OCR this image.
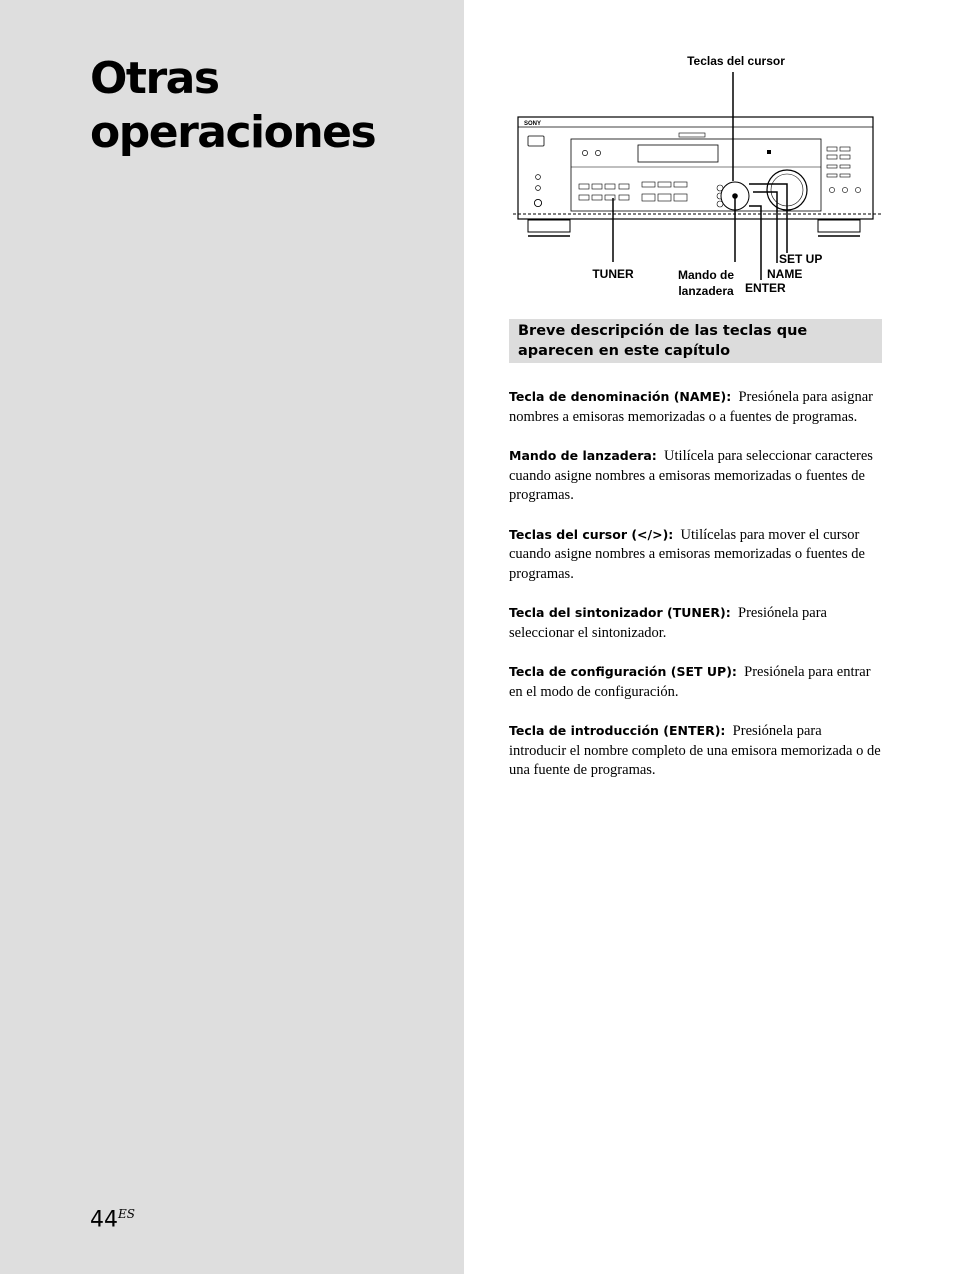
Otras
operaciones
$44^{ES}$
SONY
Teclas del cursor
TUNER	Mando de
lanzadera
SET UP
NAME
ENTER
Breve descripción de las teclas que
aparecen en este capítulo

Tecla de denominación (NAME): Presiónela para asignar nombres a emisoras memorizadas o a fuentes de programas.

Mando de lanzadera: Utilícela para seleccionar caracteres cuando asigne nombres a emisoras memorizadas o fuentes de programas.

Teclas del cursor (</>): Utilícelas para mover el cursor cuando asigne nombres a emisoras memorizadas o fuentes de programas.

Tecla del sintonizador (TUNER): Presiónela para seleccionar el sintonizador.

Tecla de configuración (SET UP): Presiónela para entrar en el modo de configuración.

Tecla de introducción (ENTER): Presiónela para introducir el nombre completo de una emisora memorizada o de una fuente de programas.
